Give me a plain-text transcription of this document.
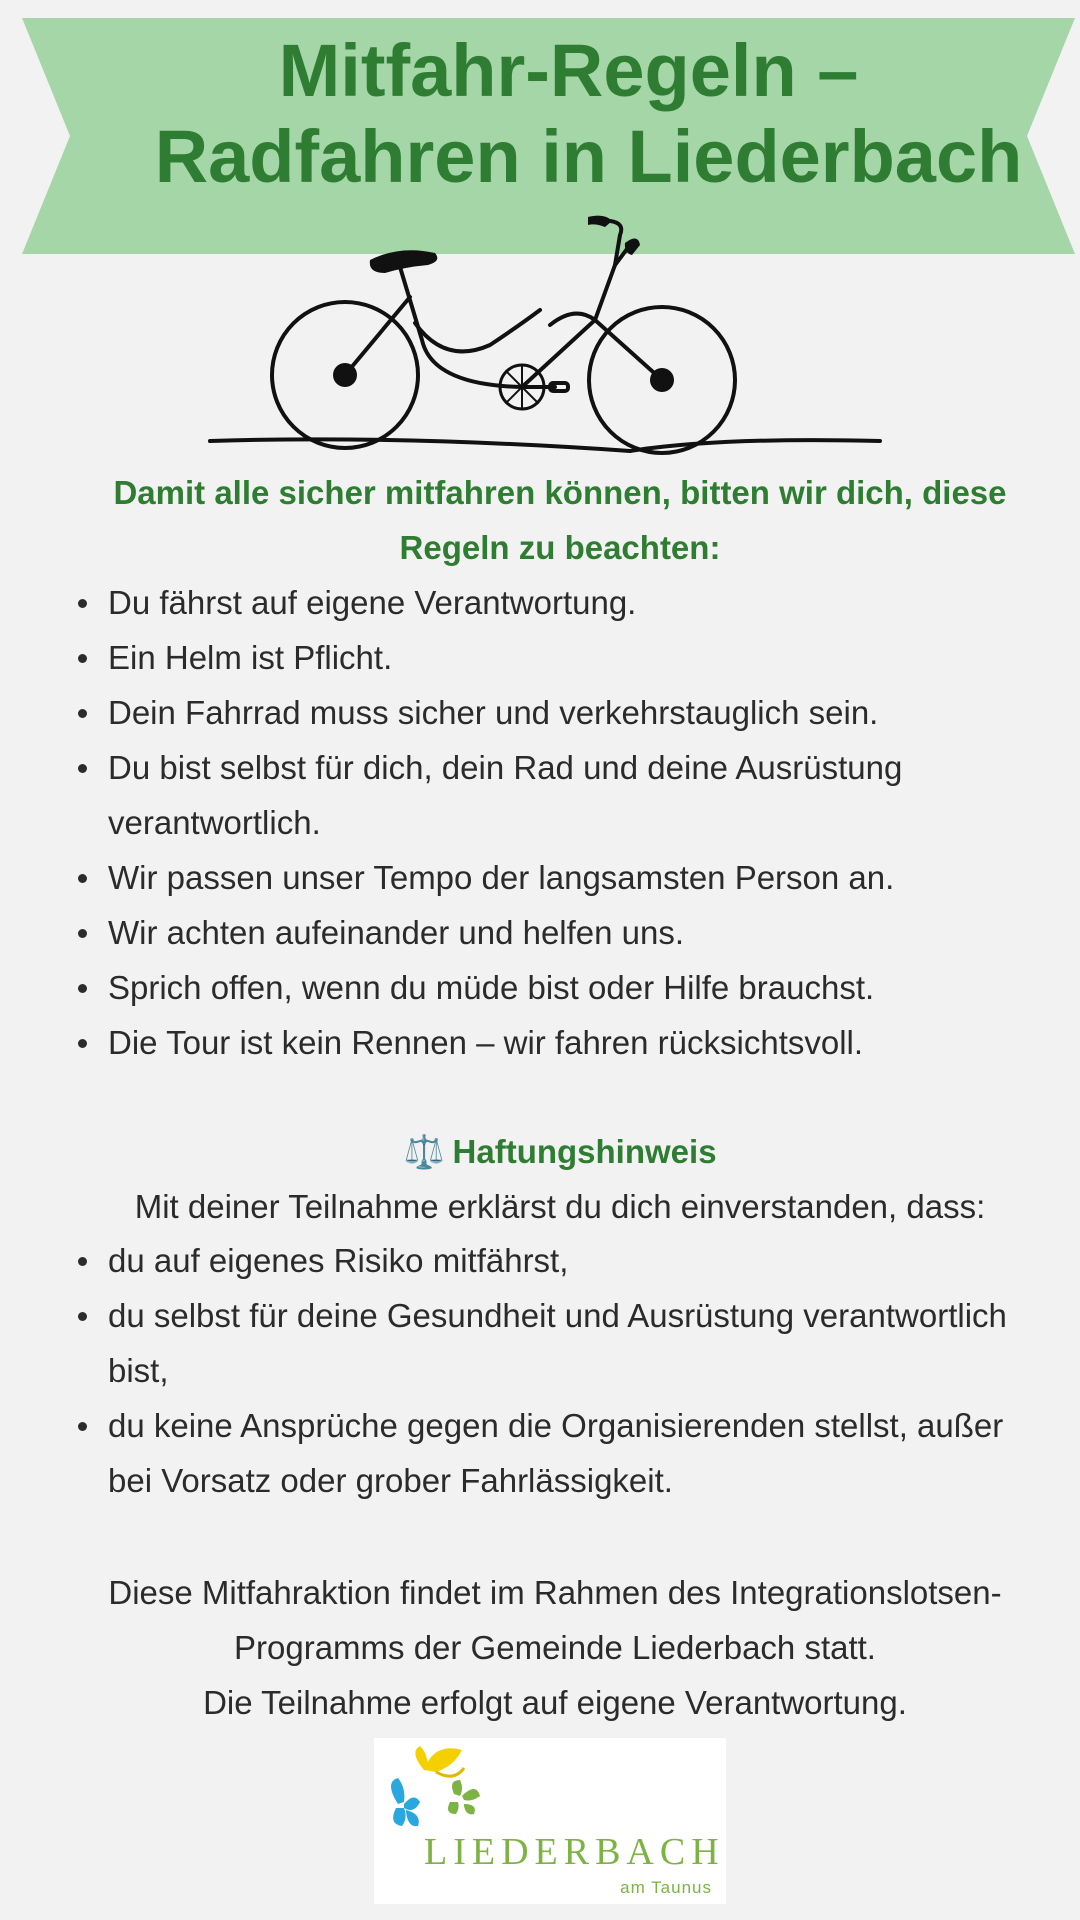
Mitfahr-Regeln –
Radfahren in Liederbach

Damit alle sicher mitfahren können, bitten wir dich, diese Regeln zu beachten:

Du fährst auf eigene Verantwortung.
Ein Helm ist Pflicht.
Dein Fahrrad muss sicher und verkehrstauglich sein.
Du bist selbst für dich, dein Rad und deine Ausrüstung verantwortlich.
Wir passen unser Tempo der langsamsten Person an.
Wir achten aufeinander und helfen uns.
Sprich offen, wenn du müde bist oder Hilfe brauchst.
Die Tour ist kein Rennen – wir fahren rücksichtsvoll.
⚖️ Haftungshinweis

Mit deiner Teilnahme erklärst du dich einverstanden, dass:

du auf eigenes Risiko mitfährst,
du selbst für deine Gesundheit und Ausrüstung verantwortlich bist,
du keine Ansprüche gegen die Organisierenden stellst, außer bei Vorsatz oder grober Fahrlässigkeit.

Diese Mitfahraktion findet im Rahmen des Integrationslotsen-
Programms der Gemeinde Liederbach statt.
Die Teilnahme erfolgt auf eigene Verantwortung.

LIEDERBACH
am Taunus
